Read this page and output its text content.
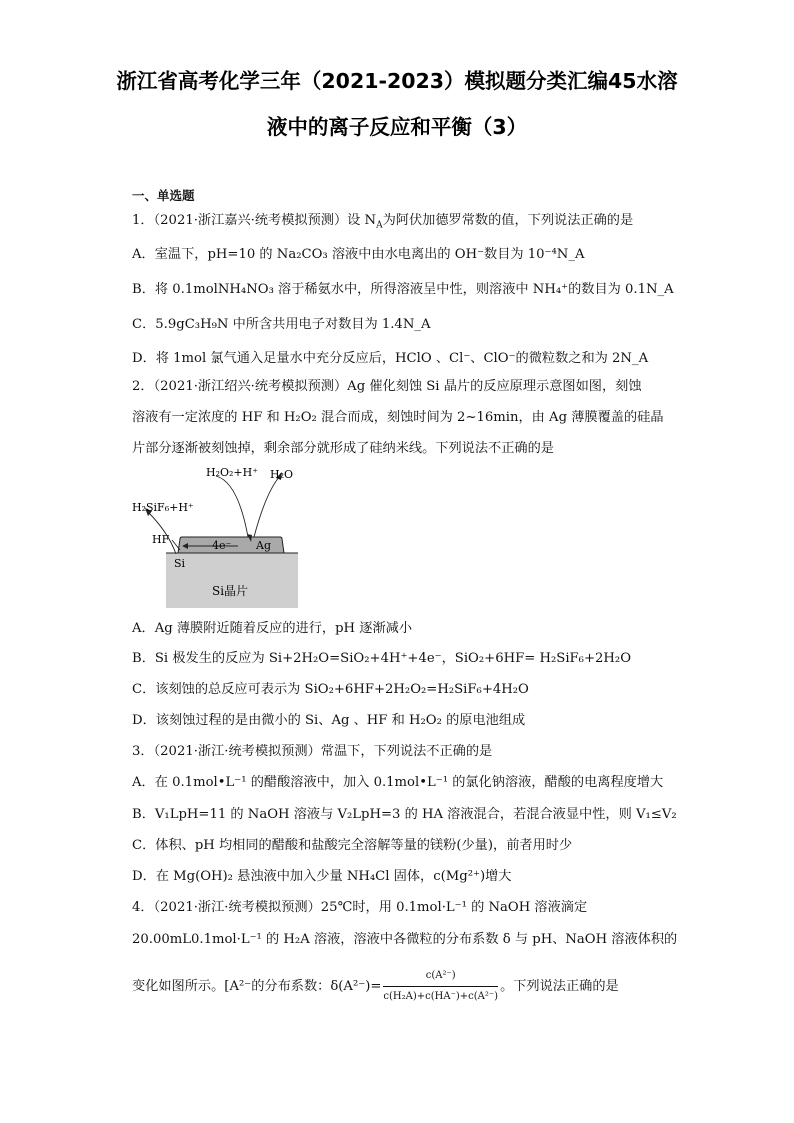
浙江省高考化学三年（2021-2023）模拟题分类汇编45水溶
液中的离子反应和平衡（3）
一、单选题
1．（2021·浙江嘉兴·统考模拟预测）设 $N_A$为阿伏加德罗常数的值，下列说法正确的是
A．室温下，pH=10 的 Na₂CO₃ 溶液中由水电离出的 OH⁻数目为 10⁻⁴N_A
B．将 0.1molNH₄NO₃ 溶于稀氨水中，所得溶液呈中性，则溶液中 NH₄⁺的数目为 0.1N_A
C．5.9gC₃H₉N 中所含共用电子对数目为 1.4N_A
D．将 1mol 氯气通入足量水中充分反应后，HClO 、Cl⁻、ClO⁻的微粒数之和为 2N_A
2．（2021·浙江绍兴·统考模拟预测）Ag 催化刻蚀 Si 晶片的反应原理示意图如图，刻蚀
溶液有一定浓度的 HF 和 H₂O₂ 混合而成，刻蚀时间为 2~16min，由 Ag 薄膜覆盖的硅晶
片部分逐渐被刻蚀掉，剩余部分就形成了硅纳米线。下列说法不正确的是
H₂O₂+H⁺ H₂O
H₂SiF₆+H⁺
HF	4e⁻ Ag
Si
Si晶片
A．Ag 薄膜附近随着反应的进行，pH 逐渐减小
B．Si 极发生的反应为 Si+2H₂O=SiO₂+4H⁺+4e⁻，SiO₂+6HF= H₂SiF₆+2H₂O
C．该刻蚀的总反应可表示为 SiO₂+6HF+2H₂O₂=H₂SiF₆+4H₂O
D．该刻蚀过程的是由微小的 Si、Ag 、HF 和 H₂O₂ 的原电池组成
3．（2021·浙江·统考模拟预测）常温下，下列说法不正确的是
A．在 0.1mol•L⁻¹ 的醋酸溶液中，加入 0.1mol•L⁻¹ 的氯化钠溶液，醋酸的电离程度增大
B．V₁LpH=11 的 NaOH 溶液与 V₂LpH=3 的 HA 溶液混合，若混合液显中性，则 V₁≤V₂
C．体积、pH 均相同的醋酸和盐酸完全溶解等量的镁粉(少量)，前者用时少
D．在 Mg(OH)₂ 悬浊液中加入少量 NH₄Cl 固体，c(Mg²⁺)增大
4．（2021·浙江·统考模拟预测）25℃时，用 0.1mol·L⁻¹ 的 NaOH 溶液滴定
20.00mL0.1mol·L⁻¹ 的 H₂A 溶液，溶液中各微粒的分布系数 δ 与 pH、NaOH 溶液体积的
变化如图所示。[A²⁻的分布系数：$\delta(A^{2-})= \frac{\text{c(A²⁻)}}{\text{c(H₂A)+c(HA⁻)+c(A²⁻)}}$ 。下列说法正确的是
